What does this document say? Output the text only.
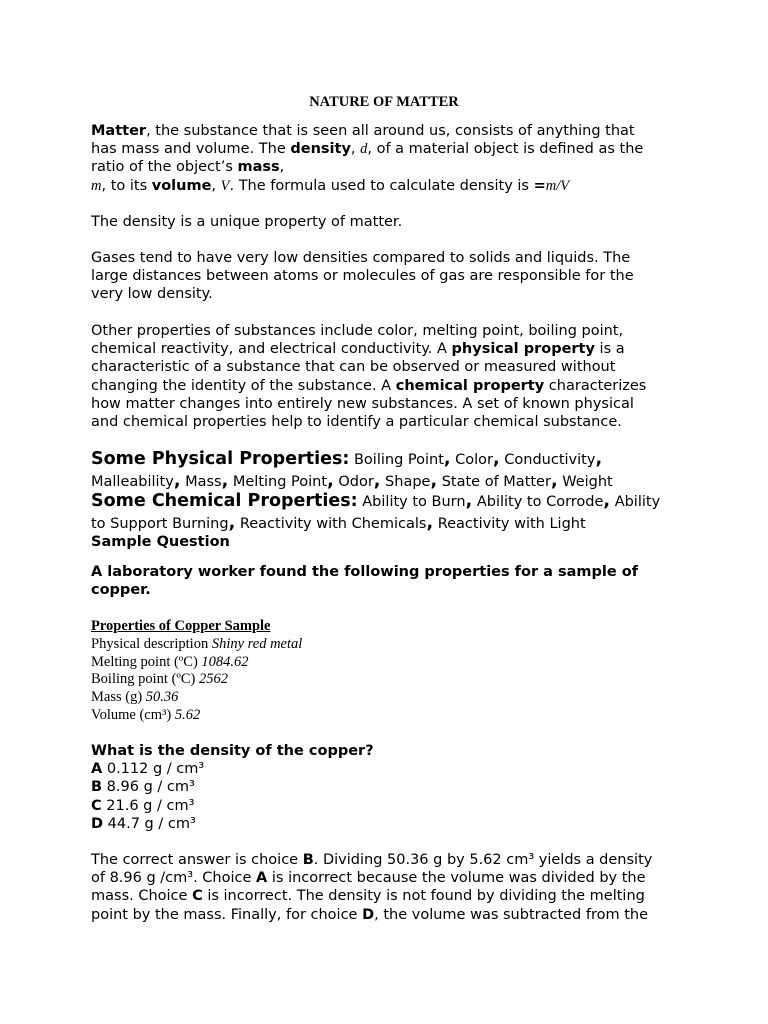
NATURE OF MATTER
Matter, the substance that is seen all around us, consists of anything that
has mass and volume. The density, d, of a material object is defined as the
ratio of the object’s mass,
m, to its volume, V. The formula used to calculate density is =m/V
The density is a unique property of matter.
Gases tend to have very low densities compared to solids and liquids. The
large distances between atoms or molecules of gas are responsible for the
very low density.
Other properties of substances include color, melting point, boiling point,
chemical reactivity, and electrical conductivity. A physical property is a
characteristic of a substance that can be observed or measured without
changing the identity of the substance. A chemical property characterizes
how matter changes into entirely new substances. A set of known physical
and chemical properties help to identify a particular chemical substance.
Some Physical Properties: Boiling Point, Color, Conductivity,
Malleability, Mass, Melting Point, Odor, Shape, State of Matter, Weight
Some Chemical Properties: Ability to Burn, Ability to Corrode, Ability
to Support Burning, Reactivity with Chemicals, Reactivity with Light
Sample Question
A laboratory worker found the following properties for a sample of
copper.
Properties of Copper Sample
Physical description Shiny red metal
Melting point (ºC) 1084.62
Boiling point (ºC) 2562
Mass (g) 50.36
Volume (cm³) 5.62
What is the density of the copper?
A 0.112 g / cm³
B 8.96 g / cm³
C 21.6 g / cm³
D 44.7 g / cm³
The correct answer is choice B. Dividing 50.36 g by 5.62 cm³ yields a density
of 8.96 g /cm³. Choice A is incorrect because the volume was divided by the
mass. Choice C is incorrect. The density is not found by dividing the melting
point by the mass. Finally, for choice D, the volume was subtracted from the
